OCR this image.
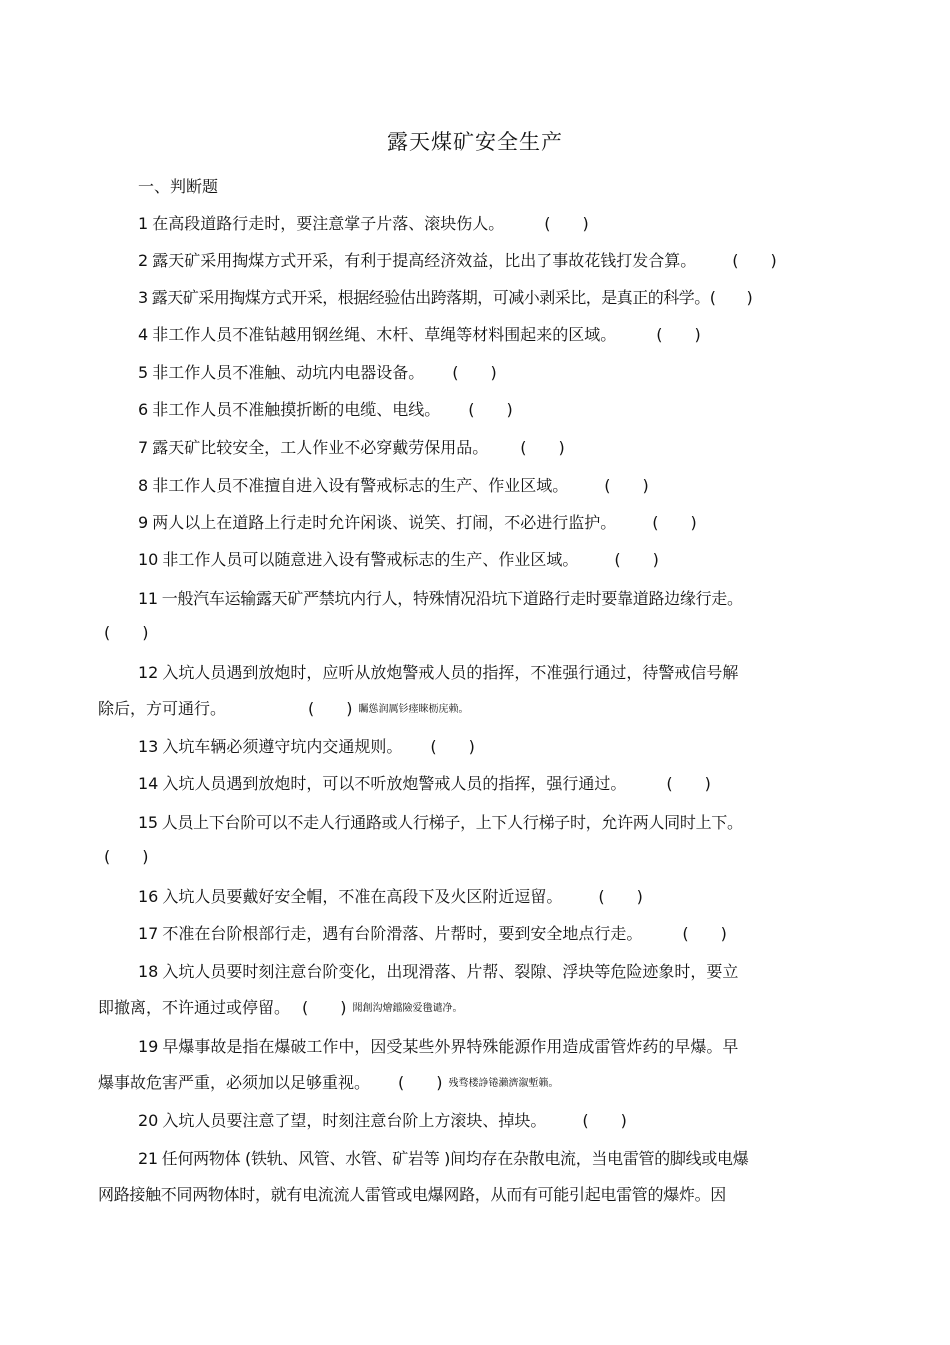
露天煤矿安全生产
一、判断题
1 在高段道路行走时，要注意掌子片落、滚块伤人。	(　　)
2 露天矿采用掏煤方式开采，有利于提高经济效益，比出了事故花钱打发合算。 (　　)
3 露天矿采用掏煤方式开采，根据经验估出跨落期，可减小剥采比，是真正的科学。(　　)
4 非工作人员不准钻越用钢丝绳、木杆、草绳等材料围起来的区域。	(　　)
5 非工作人员不准触、动坑内电器设备。 (　　)
6 非工作人员不准触摸折断的电缆、电线。 (　　)
7 露天矿比较安全，工人作业不必穿戴劳保用品。 (　　)
8 非工作人员不准擅自进入设有警戒标志的生产、作业区域。 (　　)
9 两人以上在道路上行走时允许闲谈、说笑、打闹，不必进行监护。 (　　)
10 非工作人员可以随意进入设有警戒标志的生产、作业区域。 (　　)
11 一般汽车运输露天矿严禁坑内行人，特殊情况沿坑下道路行走时要靠道路边缘行走。
(　　)
12 入坑人员遇到放炮时，应听从放炮警戒人员的指挥，不准强行通过，待警戒信号解
除后，方可通行。	(　　) 矚慫润厲钐瘗睞枥庑赖。
13 入坑车辆必须遵守坑内交通规则。 (　　)
14 入坑人员遇到放炮时，可以不听放炮警戒人员的指挥，强行通过。	(　　)
15 人员上下台阶可以不走人行通路或人行梯子，上下人行梯子时，允许两人同时上下。
(　　)
16 入坑人员要戴好安全帽，不准在高段下及火区附近逗留。 (　　)
17 不准在台阶根部行走，遇有台阶滑落、片帮时，要到安全地点行走。	(　　)
18 入坑人员要时刻注意台阶变化，出现滑落、片帮、裂隙、浮块等危险迹象时，要立
即撤离，不许通过或停留。 (　　) 聞創沟燴鐺險爱氇谴净。
19 早爆事故是指在爆破工作中，因受某些外界特殊能源作用造成雷管炸药的早爆。早
爆事故危害严重，必须加以足够重视。 (　　) 残骛楼諍锩瀨濟溆塹籟。
20 入坑人员要注意了望，时刻注意台阶上方滚块、掉块。 (　　)
21 任何两物体 (铁轨、风管、水管、矿岩等 )间均存在杂散电流，当电雷管的脚线或电爆
网路接触不同两物体时，就有电流流人雷管或电爆网路，从而有可能引起电雷管的爆炸。因
